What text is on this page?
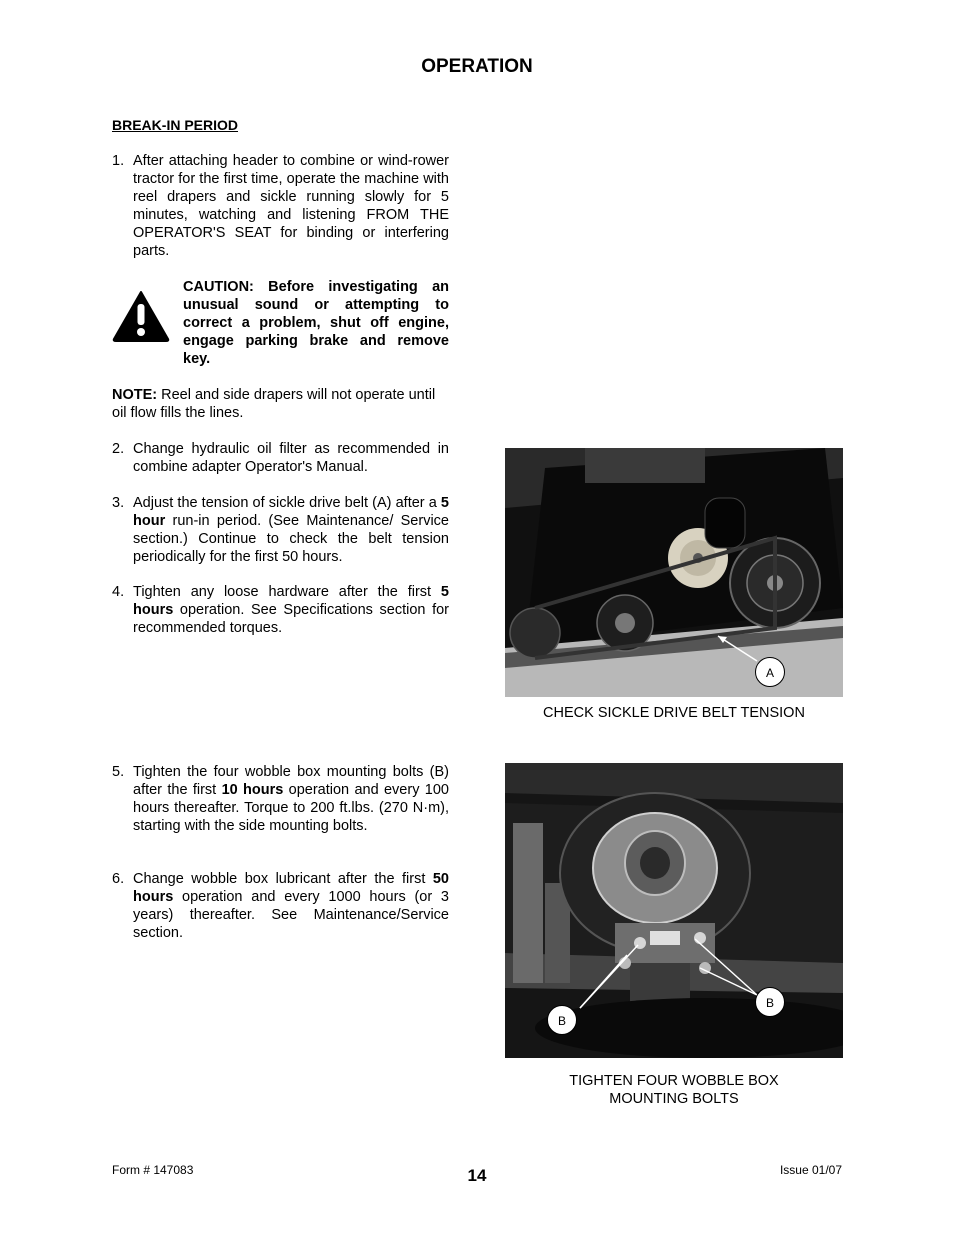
OPERATION
BREAK-IN PERIOD
1. After attaching header to combine or wind-rower tractor for the first time, operate the machine with reel drapers and sickle running slowly for 5 minutes, watching and listening FROM THE OPERATOR'S SEAT for binding or interfering parts.
CAUTION: Before investigating an unusual sound or attempting to correct a problem, shut off engine, engage parking brake and remove key.
NOTE: Reel and side drapers will not operate until oil flow fills the lines.
2. Change hydraulic oil filter as recommended in combine adapter Operator's Manual.
3. Adjust the tension of sickle drive belt (A) after a 5 hour run-in period. (See Maintenance/ Service section.) Continue to check the belt tension periodically for the first 50 hours.
4. Tighten any loose hardware after the first 5 hours operation. See Specifications section for recommended torques.
5. Tighten the four wobble box mounting bolts (B) after the first 10 hours operation and every 100 hours thereafter. Torque to 200 ft.lbs. (270 N·m), starting with the side mounting bolts.
6. Change wobble box lubricant after the first 50 hours operation and every 1000 hours (or 3 years) thereafter. See Maintenance/Service section.
A
CHECK SICKLE DRIVE BELT TENSION
B
B
TIGHTEN FOUR WOBBLE BOX
MOUNTING BOLTS
Form # 147083	14	Issue 01/07
